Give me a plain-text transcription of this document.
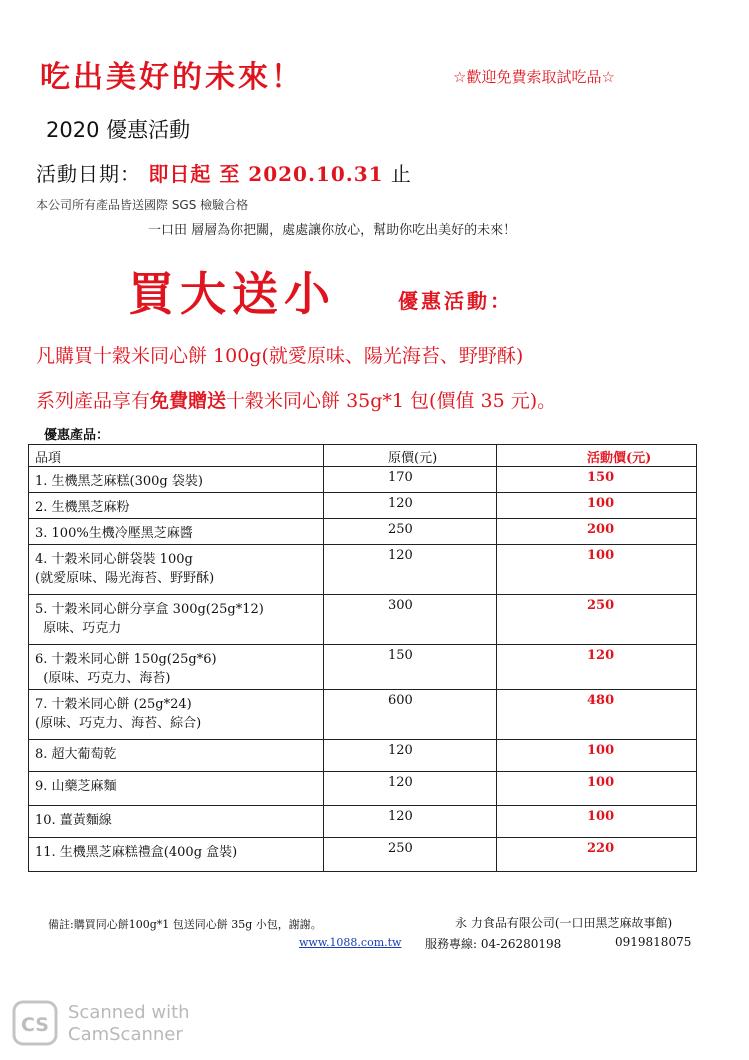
吃出美好的未來！	☆歡迎免費索取試吃品☆
2020 優惠活動
活動日期： 即日起 至 2020.10.31 止
本公司所有產品皆送國際 SGS 檢驗合格
一口田 層層為你把關，處處讓你放心，幫助你吃出美好的未來！
買大送小	優惠活動：
凡購買十穀米同心餅 100g(就愛原味、陽光海苔、野野酥)
系列產品享有免費贈送十穀米同心餅 35g*1 包(價值 35 元)。
優惠產品：
品項	原價(元)	活動價(元)
1. 生機黑芝麻糕(300g 袋裝)	170	150
2. 生機黑芝麻粉	120	100
3. 100%生機冷壓黑芝麻醬	250	200
4. 十穀米同心餅袋裝 100g
(就愛原味、陽光海苔、野野酥)	120	100
5. 十穀米同心餅分享盒 300g(25g*12)
原味、巧克力	300	250
6. 十穀米同心餅 150g(25g*6)
(原味、巧克力、海苔)	150	120
7. 十穀米同心餅 (25g*24)
(原味、巧克力、海苔、綜合)	600	480
8. 超大葡萄乾	120	100
9. 山藥芝麻麵	120	100
10. 薑黃麵線	120	100
11. 生機黑芝麻糕禮盒(400g 盒裝)	250	220
備註:購買同心餅100g*1 包送同心餅 35g 小包，謝謝。	永 力食品有限公司(一口田黑芝麻故事館)
www.1088.com.tw 服務專線: 04-26280198	0919818075
CS
Scanned with
CamScanner
